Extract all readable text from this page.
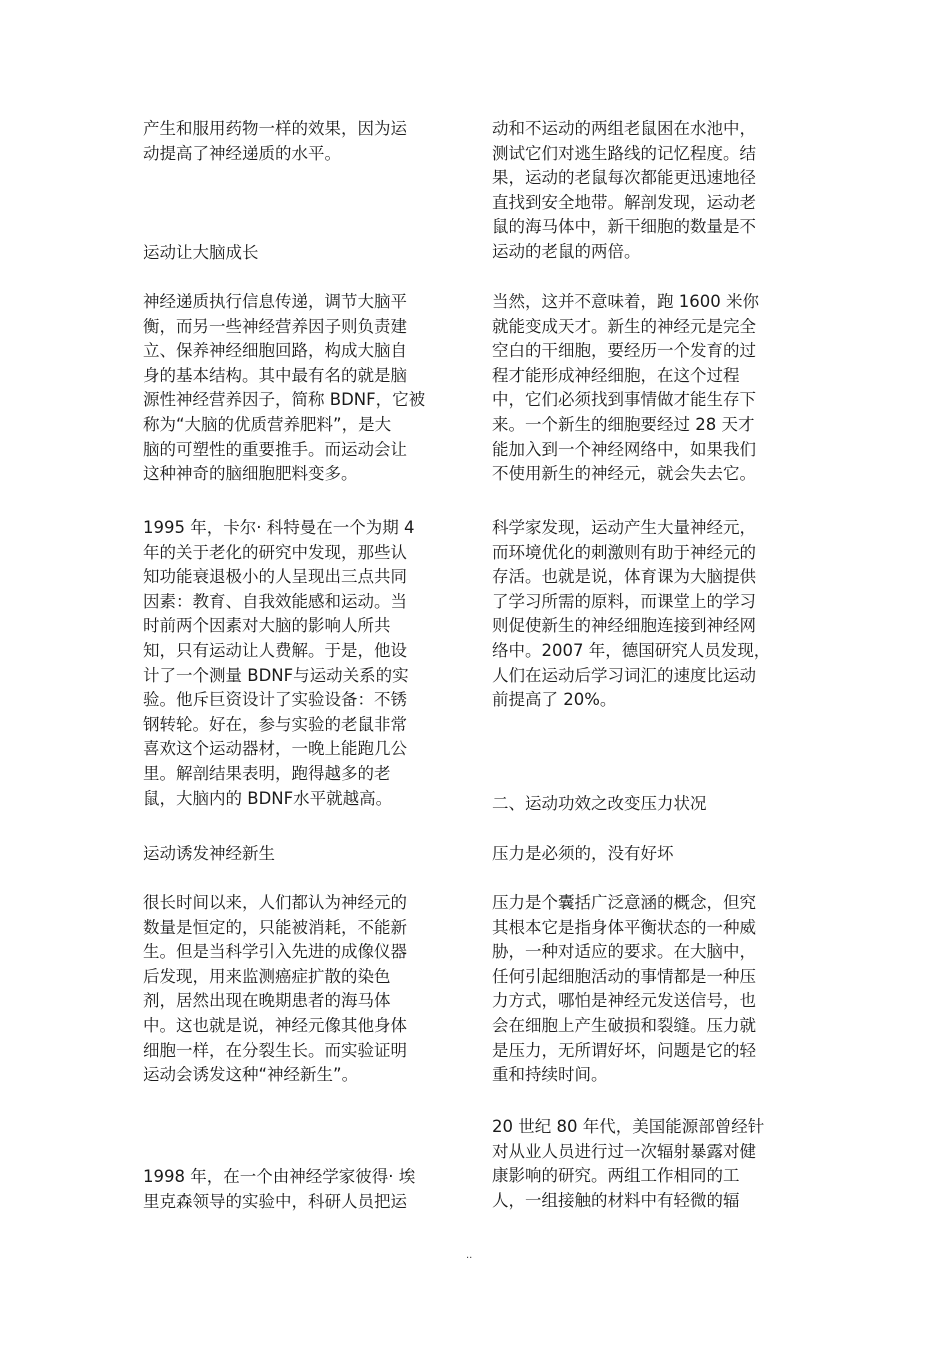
产生和服用药物一样的效果，因为运
动提高了神经递质的水平。

运动让大脑成长

神经递质执行信息传递，调节大脑平
衡，而另一些神经营养因子则负责建
立、保养神经细胞回路，构成大脑自
身的基本结构。其中最有名的就是脑
源性神经营养因子，简称 BDNF，它被
称为“大脑的优质营养肥料”，是大
脑的可塑性的重要推手。而运动会让
这种神奇的脑细胞肥料变多。

1995 年，卡尔· 科特曼在一个为期 4
年的关于老化的研究中发现，那些认
知功能衰退极小的人呈现出三点共同
因素：教育、自我效能感和运动。当
时前两个因素对大脑的影响人所共
知，只有运动让人费解。于是，他设
计了一个测量 BDNF与运动关系的实
验。他斥巨资设计了实验设备：不锈
钢转轮。好在，参与实验的老鼠非常
喜欢这个运动器材，一晚上能跑几公
里。解剖结果表明，跑得越多的老
鼠，大脑内的 BDNF水平就越高。

运动诱发神经新生

很长时间以来，人们都认为神经元的
数量是恒定的，只能被消耗，不能新
生。但是当科学引入先进的成像仪器
后发现，用来监测癌症扩散的染色
剂，居然出现在晚期患者的海马体
中。这也就是说，神经元像其他身体
细胞一样，在分裂生长。而实验证明
运动会诱发这种“神经新生”。

1998 年，在一个由神经学家彼得· 埃
里克森领导的实验中，科研人员把运

动和不运动的两组老鼠困在水池中，
测试它们对逃生路线的记忆程度。结
果，运动的老鼠每次都能更迅速地径
直找到安全地带。解剖发现，运动老
鼠的海马体中，新干细胞的数量是不
运动的老鼠的两倍。

当然，这并不意味着，跑 1600 米你
就能变成天才。新生的神经元是完全
空白的干细胞，要经历一个发育的过
程才能形成神经细胞，在这个过程
中，它们必须找到事情做才能生存下
来。一个新生的细胞要经过 28 天才
能加入到一个神经网络中，如果我们
不使用新生的神经元，就会失去它。

科学家发现，运动产生大量神经元，
而环境优化的刺激则有助于神经元的
存活。也就是说，体育课为大脑提供
了学习所需的原料，而课堂上的学习
则促使新生的神经细胞连接到神经网
络中。2007 年，德国研究人员发现，
人们在运动后学习词汇的速度比运动
前提高了 20%。

二、运动功效之改变压力状况

压力是必须的，没有好坏

压力是个囊括广泛意涵的概念，但究
其根本它是指身体平衡状态的一种威
胁，一种对适应的要求。在大脑中，
任何引起细胞活动的事情都是一种压
力方式，哪怕是神经元发送信号，也
会在细胞上产生破损和裂缝。压力就
是压力，无所谓好坏，问题是它的轻
重和持续时间。

20 世纪 80 年代，美国能源部曾经针
对从业人员进行过一次辐射暴露对健
康影响的研究。两组工作相同的工
人，一组接触的材料中有轻微的辐

..
